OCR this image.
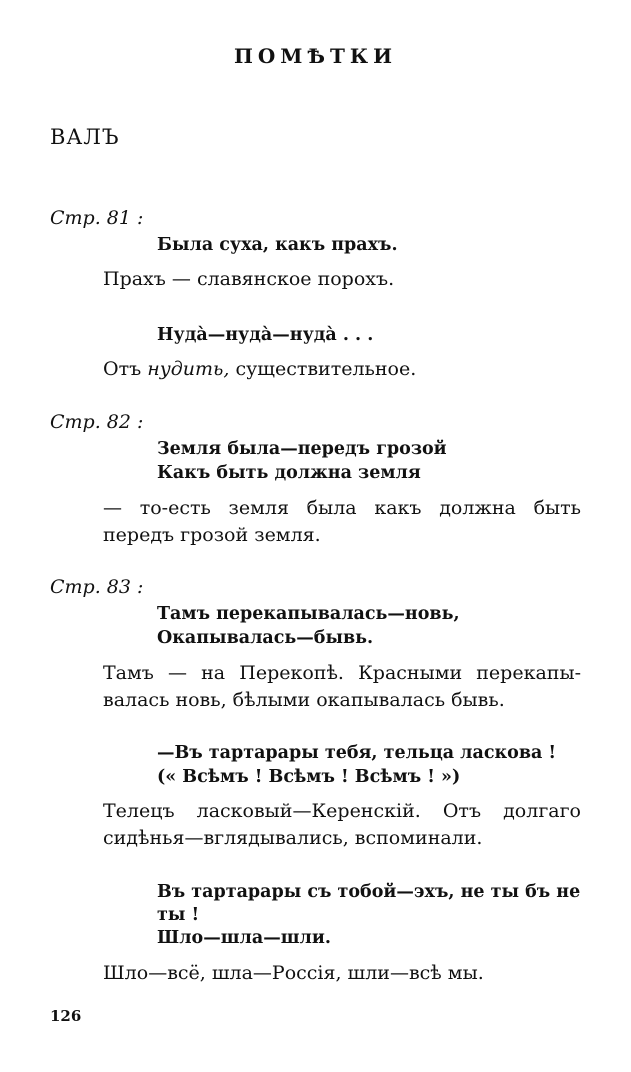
ПОМѢТКИ
ВАЛЪ
Стр. 81 :
Была суха, какъ прахъ.
Прахъ — славянское порохъ.
Нудà—нудà—нудà . . .
Отъ нудить, существительное.
Стр. 82 :
Земля была—передъ грозой
Какъ быть должна земля
— то-есть земля была какъ должна быть
передъ грозой земля.
Стр. 83 :
Тамъ перекапывалась—новь,
Окапывалась—бывь.
Тамъ — на Перекопѣ. Красными перекапы-
валась новь, бѣлыми окапывалась бывь.
—Въ тартарары тебя, тельца ласкова !
(« Всѣмъ ! Всѣмъ ! Всѣмъ ! »)
Телецъ ласковый—Керенскій. Отъ долгаго
сидѣнья—вглядывались, вспоминали.
Въ тартарары съ тобой—эхъ, не ты бъ не
ты !
Шло—шла—шли.
Шло—всё, шла—Россія, шли—всѣ мы.
126
